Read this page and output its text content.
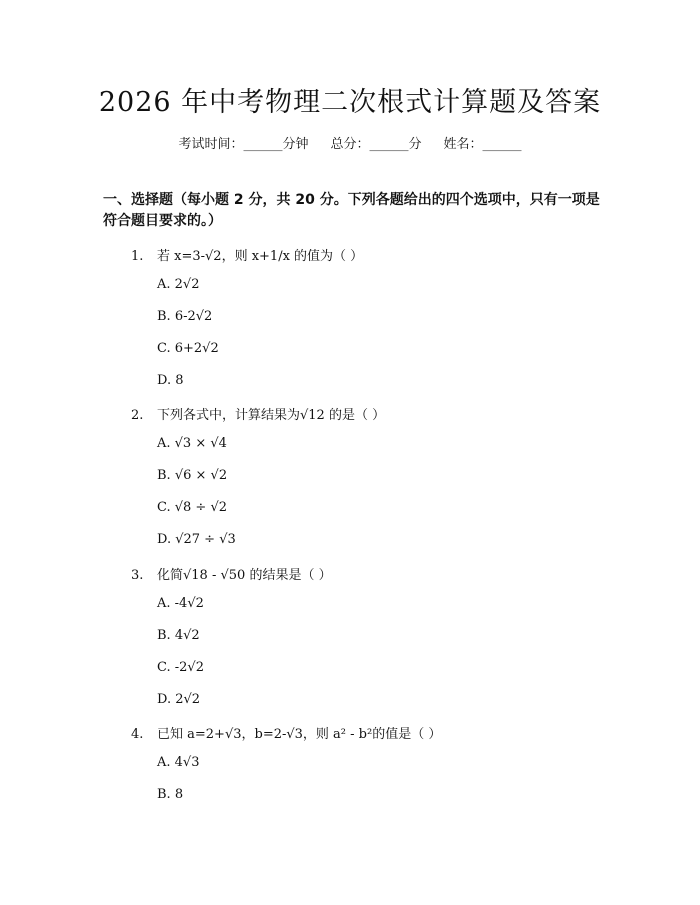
2026 年中考物理二次根式计算题及答案
考试时间：______分钟 总分：______分 姓名：______
一、选择题（每小题 2 分，共 20 分。下列各题给出的四个选项中，只有一项是符合题目要求的。）
1. 若 x=3-√2，则 x+1/x 的值为（ ）
A. 2√2
B. 6-2√2
C. 6+2√2
D. 8
2. 下列各式中，计算结果为√12 的是（ ）
A. √3 × √4
B. √6 × √2
C. √8 ÷ √2
D. √27 ÷ √3
3. 化简√18 - √50 的结果是（ ）
A. -4√2
B. 4√2
C. -2√2
D. 2√2
4. 已知 a=2+√3，b=2-√3，则 a² - b²的值是（ ）
A. 4√3
B. 8
